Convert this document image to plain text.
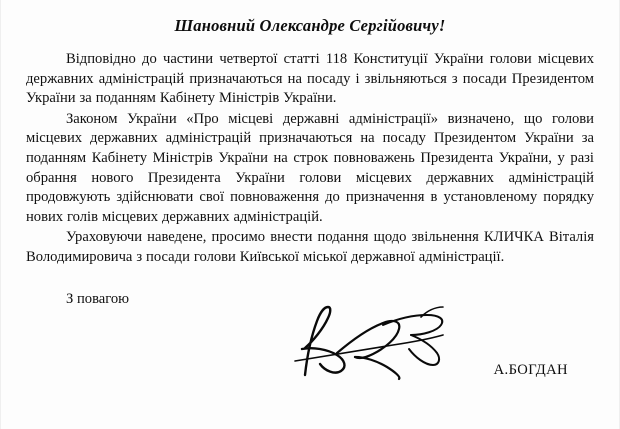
Шановний Олександре Сергійовичу!

Відповідно до частини четвертої статті 118 Конституції України голови місцевих державних адміністрацій призначаються на посаду і звільняються з посади Президентом України за поданням Кабінету Міністрів України.

Законом України «Про місцеві державні адміністрації» визначено, що голови місцевих державних адміністрацій призначаються на посаду Президентом України за поданням Кабінету Міністрів України на строк повноважень Президента України, у разі обрання нового Президента України голови місцевих державних адміністрацій продовжують здійснювати свої повноваження до призначення в установленому порядку нових голів місцевих державних адміністрацій.

Ураховуючи наведене, просимо внести подання щодо звільнення КЛИЧКА Віталія Володимировича з посади голови Київської міської державної адміністрації.

З повагою
А.БОГДАН
